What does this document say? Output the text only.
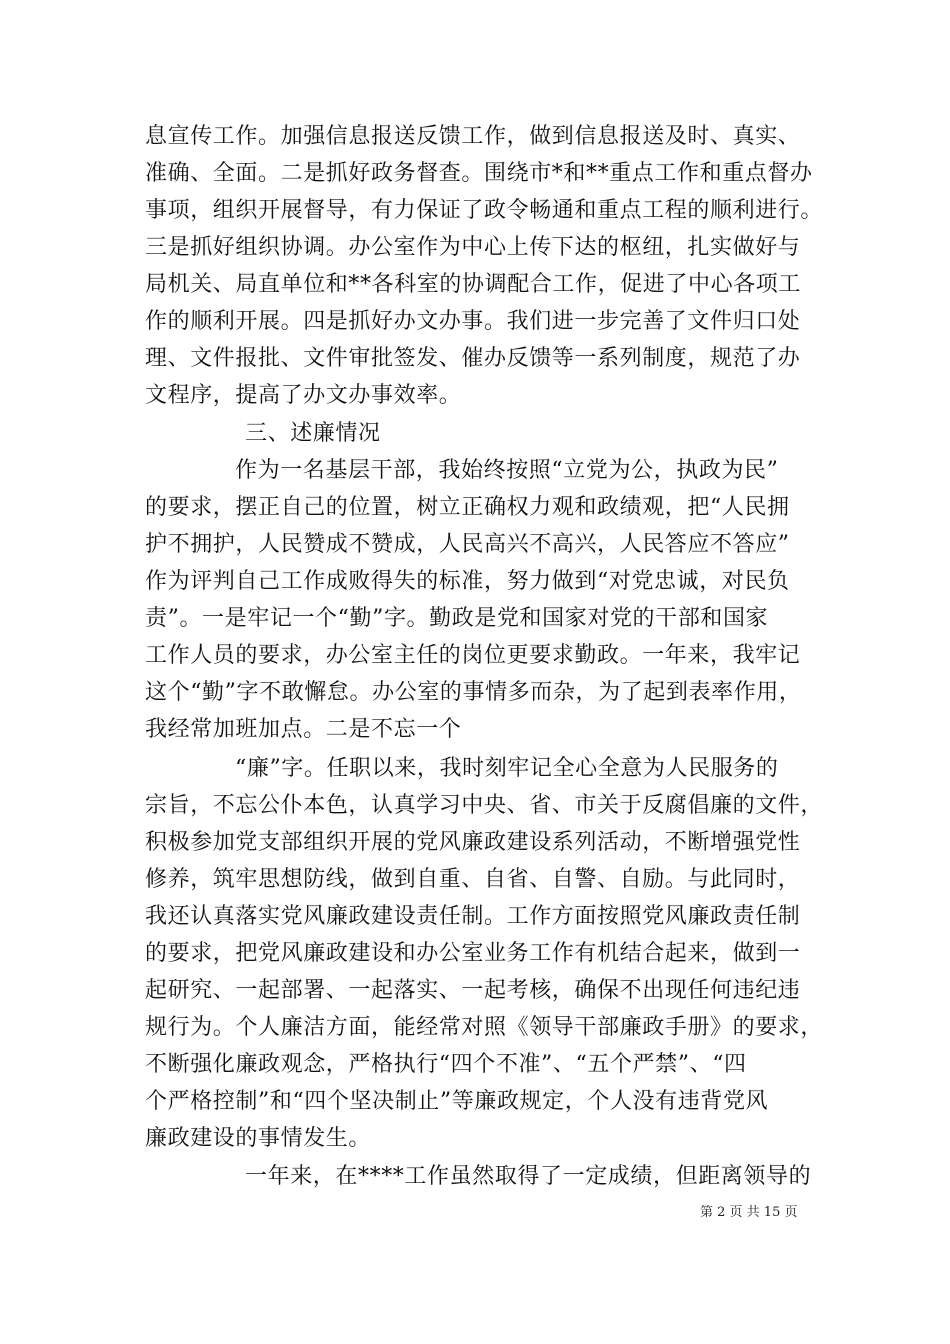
息宣传工作。加强信息报送反馈工作，做到信息报送及时、真实、
准确、全面。二是抓好政务督查。围绕市*和**重点工作和重点督办
事项，组织开展督导，有力保证了政令畅通和重点工程的顺利进行。
三是抓好组织协调。办公室作为中心上传下达的枢纽，扎实做好与
局机关、局直单位和**各科室的协调配合工作，促进了中心各项工
作的顺利开展。四是抓好办文办事。我们进一步完善了文件归口处
理、文件报批、文件审批签发、催办反馈等一系列制度，规范了办
文程序，提高了办文办事效率。
三、述廉情况
作为一名基层干部，我始终按照“立党为公，执政为民”
的要求，摆正自己的位置，树立正确权力观和政绩观，把“人民拥
护不拥护，人民赞成不赞成，人民高兴不高兴，人民答应不答应”
作为评判自己工作成败得失的标准，努力做到“对党忠诚，对民负
责”。一是牢记一个“勤”字。勤政是党和国家对党的干部和国家
工作人员的要求，办公室主任的岗位更要求勤政。一年来，我牢记
这个“勤”字不敢懈怠。办公室的事情多而杂，为了起到表率作用，
我经常加班加点。二是不忘一个
“廉”字。任职以来，我时刻牢记全心全意为人民服务的
宗旨，不忘公仆本色，认真学习中央、省、市关于反腐倡廉的文件，
积极参加党支部组织开展的党风廉政建设系列活动，不断增强党性
修养，筑牢思想防线，做到自重、自省、自警、自励。与此同时，
我还认真落实党风廉政建设责任制。工作方面按照党风廉政责任制
的要求，把党风廉政建设和办公室业务工作有机结合起来，做到一
起研究、一起部署、一起落实、一起考核，确保不出现任何违纪违
规行为。个人廉洁方面，能经常对照《领导干部廉政手册》的要求，
不断强化廉政观念，严格执行“四个不准”、“五个严禁”、“四
个严格控制”和“四个坚决制止”等廉政规定，个人没有违背党风
廉政建设的事情发生。
一年来，在****工作虽然取得了一定成绩，但距离领导的
第 2 页 共 15 页
